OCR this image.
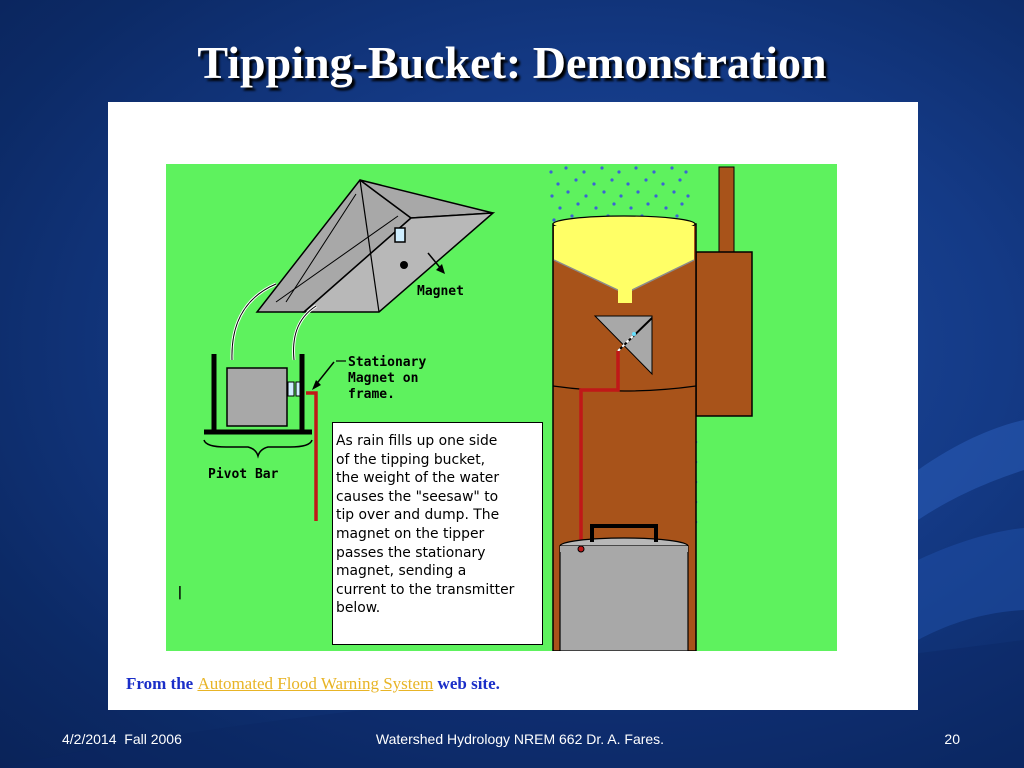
Tipping-Bucket: Demonstration
Magnet
Stationary
Magnet on
frame.
Pivot Bar
|
As rain fills up one side
of the tipping bucket,
the weight of the water
causes the "seesaw" to
tip over and dump. The
magnet on the tipper
passes the stationary
magnet, sending a
current to the transmitter
below.
From the Automated Flood Warning System web site.
4/2/2014  Fall 2006	Watershed Hydrology NREM 662 Dr. A. Fares.	20
